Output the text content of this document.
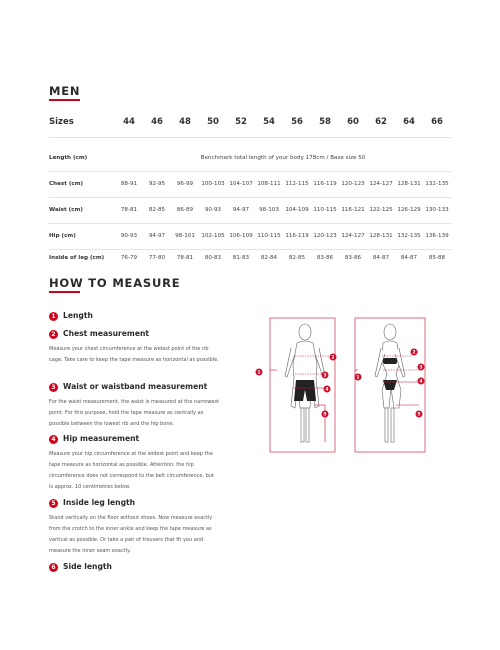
MEN
Sizes	44	46	48	50	52	54	56	58	60	62	64	66
Length (cm)	Benchmark total length of your body 178cm / Base size 50
Chest (cm)	88-91	92-95	96-99	100-103 104-107 108-111 112-115 116-119 120-123 124-127 128-131 132-135
Waist (cm)	78-81	82-85	86-89	90-93	94-97	98-103	104-109 110-115 116-121 122-125 126-129 130-133
Hip (cm)	90-93	94-97	98-101	102-105 106-109 110-115 116-119 120-123 124-127 128-131 132-135 136-139
Inside of leg (cm)	76-79	77-80	78-81	80-83	81-83	82-84	82-85	83-86	83-86	84-87	84-87	85-88
HOW TO MEASURE
1 Length
2 Chest measurement
Measure your chest circumference at the widest point of the rib cage. Take care to keep the tape measure as horizontal as possible.
3 Waist or waistband measurement
For the waist measurement, the waist is measured at the narrowest point. For this purpose, hold the tape measure as centrally as possible between the lowest rib and the hip bone.
4 Hip measurement
Measure your hip circumference at the widest point and keep the tape measure as horizontal as possible. Attention: the hip circumference does not correspond to the belt circumference, but is approx. 10 centimetres below.
5 Inside leg length
Stand vertically on the floor without shoes. Now measure exactly from the crotch to the inner ankle and keep the tape measure as vertical as possible. Or take a pair of trousers that fit you and measure the inner seam exactly.
6 Side length
1
2
3
4
5
1
2
3
4
5
